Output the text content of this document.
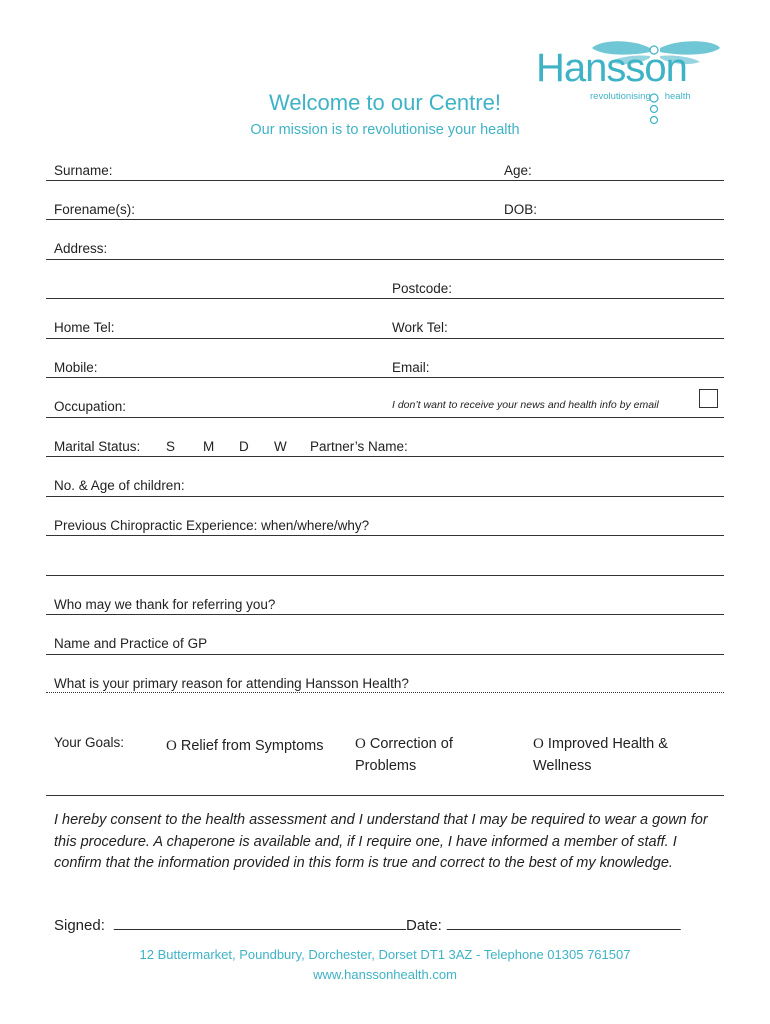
Hansson
revolutionising health
Welcome to our Centre!
Our mission is to revolutionise your health
Surname:	Age:
Forename(s):	DOB:
Address:
Postcode:
Home Tel:	Work Tel:
Mobile:	Email:
Occupation:	I don’t want to receive your news and health info by email
Marital Status: S M D W Partner’s Name:
No. & Age of children:
Previous Chiropractic Experience: when/where/why?
Who may we thank for referring you?
Name and Practice of GP
What is your primary reason for attending Hansson Health?
Your Goals:	O Relief from Symptoms O Correction of
Problems
O Improved Health &
Wellness
I hereby consent to the health assessment and I understand that I may be required to wear a gown for this procedure. A chaperone is available and, if I require one, I have informed a member of staff. I confirm that the information provided in this form is true and correct to the best of my knowledge.
Signed: ___________________________________ Date: ____________________________
12 Buttermarket, Poundbury, Dorchester, Dorset DT1 3AZ - Telephone 01305 761507
www.hanssonhealth.com
